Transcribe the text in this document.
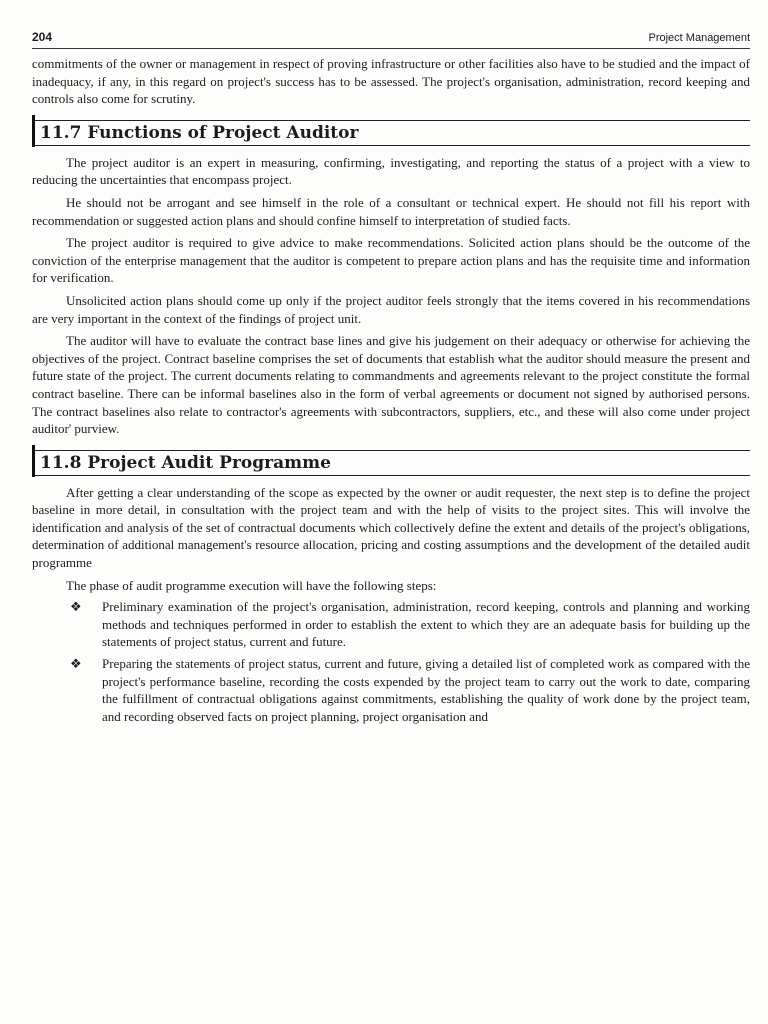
204	Project Management

commitments of the owner or management in respect of proving infrastructure or other facilities also have to be studied and the impact of inadequacy, if any, in this regard on project's success has to be assessed. The project's organisation, administration, record keeping and controls also come for scrutiny.

11.7 Functions of Project Auditor

The project auditor is an expert in measuring, confirming, investigating, and reporting the status of a project with a view to reducing the uncertainties that encompass project.

He should not be arrogant and see himself in the role of a consultant or technical expert. He should not fill his report with recommendation or suggested action plans and should confine himself to interpretation of studied facts.

The project auditor is required to give advice to make recommendations. Solicited action plans should be the outcome of the conviction of the enterprise management that the auditor is competent to prepare action plans and has the requisite time and information for verification.

Unsolicited action plans should come up only if the project auditor feels strongly that the items covered in his recommendations are very important in the context of the findings of project unit.

The auditor will have to evaluate the contract base lines and give his judgement on their adequacy or otherwise for achieving the objectives of the project. Contract baseline comprises the set of documents that establish what the auditor should measure the present and future state of the project. The current documents relating to commandments and agreements relevant to the project constitute the formal contract baseline. There can be informal baselines also in the form of verbal agreements or document not signed by authorised persons. The contract baselines also relate to contractor's agreements with subcontractors, suppliers, etc., and these will also come under project auditor' purview.

11.8 Project Audit Programme

After getting a clear understanding of the scope as expected by the owner or audit requester, the next step is to define the project baseline in more detail, in consultation with the project team and with the help of visits to the project sites. This will involve the identification and analysis of the set of contractual documents which collectively define the extent and details of the project's obligations, determination of additional management's resource allocation, pricing and costing assumptions and the development of the detailed audit programme

The phase of audit programme execution will have the following steps:

❖ Preliminary examination of the project's organisation, administration, record keeping, controls and planning and working methods and techniques performed in order to establish the extent to which they are an adequate basis for building up the statements of project status, current and future.

❖ Preparing the statements of project status, current and future, giving a detailed list of completed work as compared with the project's performance baseline, recording the costs expended by the project team to carry out the work to date, comparing the fulfillment of contractual obligations against commitments, establishing the quality of work done by the project team, and recording observed facts on project planning, project organisation and
